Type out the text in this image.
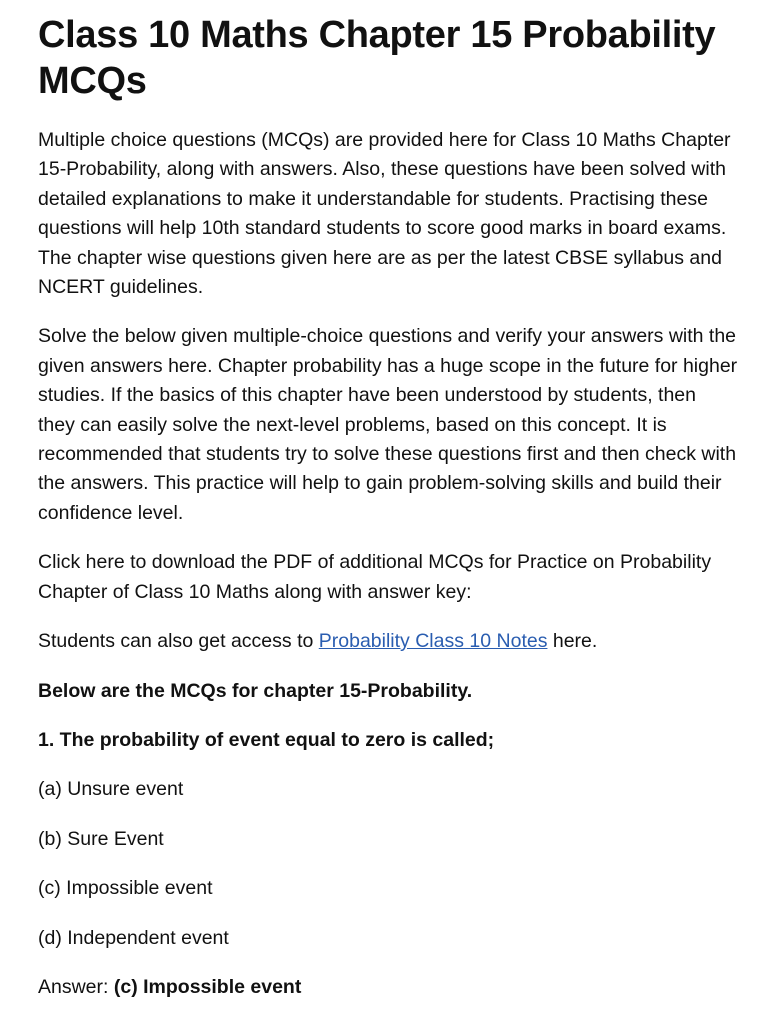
Class 10 Maths Chapter 15 Probability MCQs

Multiple choice questions (MCQs) are provided here for Class 10 Maths Chapter 15-Probability, along with answers. Also, these questions have been solved with detailed explanations to make it understandable for students. Practising these questions will help 10th standard students to score good marks in board exams. The chapter wise questions given here are as per the latest CBSE syllabus and NCERT guidelines.

Solve the below given multiple-choice questions and verify your answers with the given answers here. Chapter probability has a huge scope in the future for higher studies. If the basics of this chapter have been understood by students, then they can easily solve the next-level problems, based on this concept. It is recommended that students try to solve these questions first and then check with the answers. This practice will help to gain problem-solving skills and build their confidence level.

Click here to download the PDF of additional MCQs for Practice on Probability Chapter of Class 10 Maths along with answer key:

Students can also get access to Probability Class 10 Notes here.

Below are the MCQs for chapter 15-Probability.

1. The probability of event equal to zero is called;

(a) Unsure event

(b) Sure Event

(c) Impossible event

(d) Independent event

Answer: (c) Impossible event
